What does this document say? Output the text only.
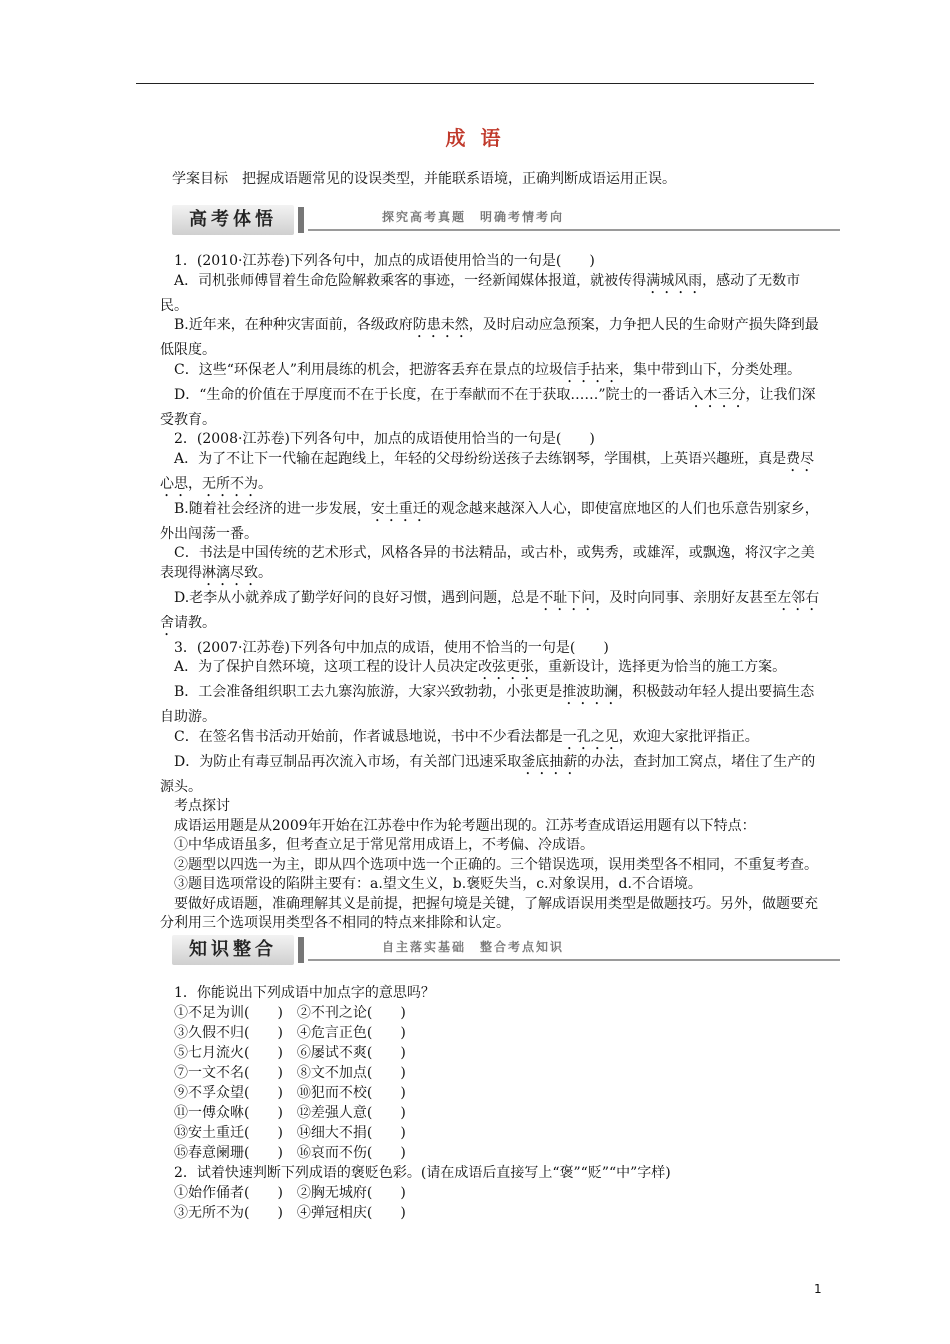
成 语
学案目标 把握成语题常见的设误类型，并能联系语境，正确判断成语运用正误。
高考体悟	探究高考真题　明确考情考向

1．(2010·江苏卷)下列各句中，加点的成语使用恰当的一句是(　　)

A．司机张师傅冒着生命危险解救乘客的事迹，一经新闻媒体报道，就被传得满城风雨，感动了无数市民。

B.近年来，在种种灾害面前，各级政府防患未然，及时启动应急预案，力争把人民的生命财产损失降到最低限度。

C．这些“环保老人”利用晨练的机会，把游客丢弃在景点的垃圾信手拈来，集中带到山下，分类处理。

D．“生命的价值在于厚度而不在于长度，在于奉献而不在于获取……”院士的一番话入木三分，让我们深受教育。

2．(2008·江苏卷)下列各句中，加点的成语使用恰当的一句是(　　)

A．为了不让下一代输在起跑线上，年轻的父母纷纷送孩子去练钢琴，学围棋，上英语兴趣班，真是费尽心思，无所不为。

B.随着社会经济的进一步发展，安土重迁的观念越来越深入人心，即使富庶地区的人们也乐意告别家乡，外出闯荡一番。

C．书法是中国传统的艺术形式，风格各异的书法精品，或古朴，或隽秀，或雄浑，或飘逸，将汉字之美表现得淋漓尽致。

D.老李从小就养成了勤学好问的良好习惯，遇到问题，总是不耻下问，及时向同事、亲朋好友甚至左邻右舍请教。

3．(2007·江苏卷)下列各句中加点的成语，使用不恰当的一句是(　　)

A．为了保护自然环境，这项工程的设计人员决定改弦更张，重新设计，选择更为恰当的施工方案。

B．工会准备组织职工去九寨沟旅游，大家兴致勃勃，小张更是推波助澜，积极鼓动年轻人提出要搞生态自助游。

C．在签名售书活动开始前，作者诚恳地说，书中不少看法都是一孔之见，欢迎大家批评指正。

D．为防止有毒豆制品再次流入市场，有关部门迅速采取釜底抽薪的办法，查封加工窝点，堵住了生产的源头。

考点探讨

成语运用题是从2009年开始在江苏卷中作为轮考题出现的。江苏考查成语运用题有以下特点：

①中华成语虽多，但考查立足于常见常用成语上，不考偏、冷成语。

②题型以四选一为主，即从四个选项中选一个正确的。三个错误选项，误用类型各不相同，不重复考查。

③题目选项常设的陷阱主要有：a.望文生义，b.褒贬失当，c.对象误用，d.不合语境。

要做好成语题，准确理解其义是前提，把握句境是关键，了解成语误用类型是做题技巧。另外，做题要充分利用三个选项误用类型各不相同的特点来排除和认定。

知识整合	自主落实基础　整合考点知识

1．你能说出下列成语中加点字的意思吗？

①不足为训(　　)　②不刊之论(　　)

③久假不归(　　)　④危言正色(　　)

⑤七月流火(　　)　⑥屡试不爽(　　)

⑦一文不名(　　)　⑧文不加点(　　)

⑨不孚众望(　　)　⑩犯而不校(　　)

⑪一傅众咻(　　)　⑫差强人意(　　)

⑬安土重迁(　　)　⑭细大不捐(　　)

⑮春意阑珊(　　)　⑯哀而不伤(　　)

2．试着快速判断下列成语的褒贬色彩。(请在成语后直接写上“褒”“贬”“中”字样)

①始作俑者(　　)　②胸无城府(　　)

③无所不为(　　)　④弹冠相庆(　　)

1
